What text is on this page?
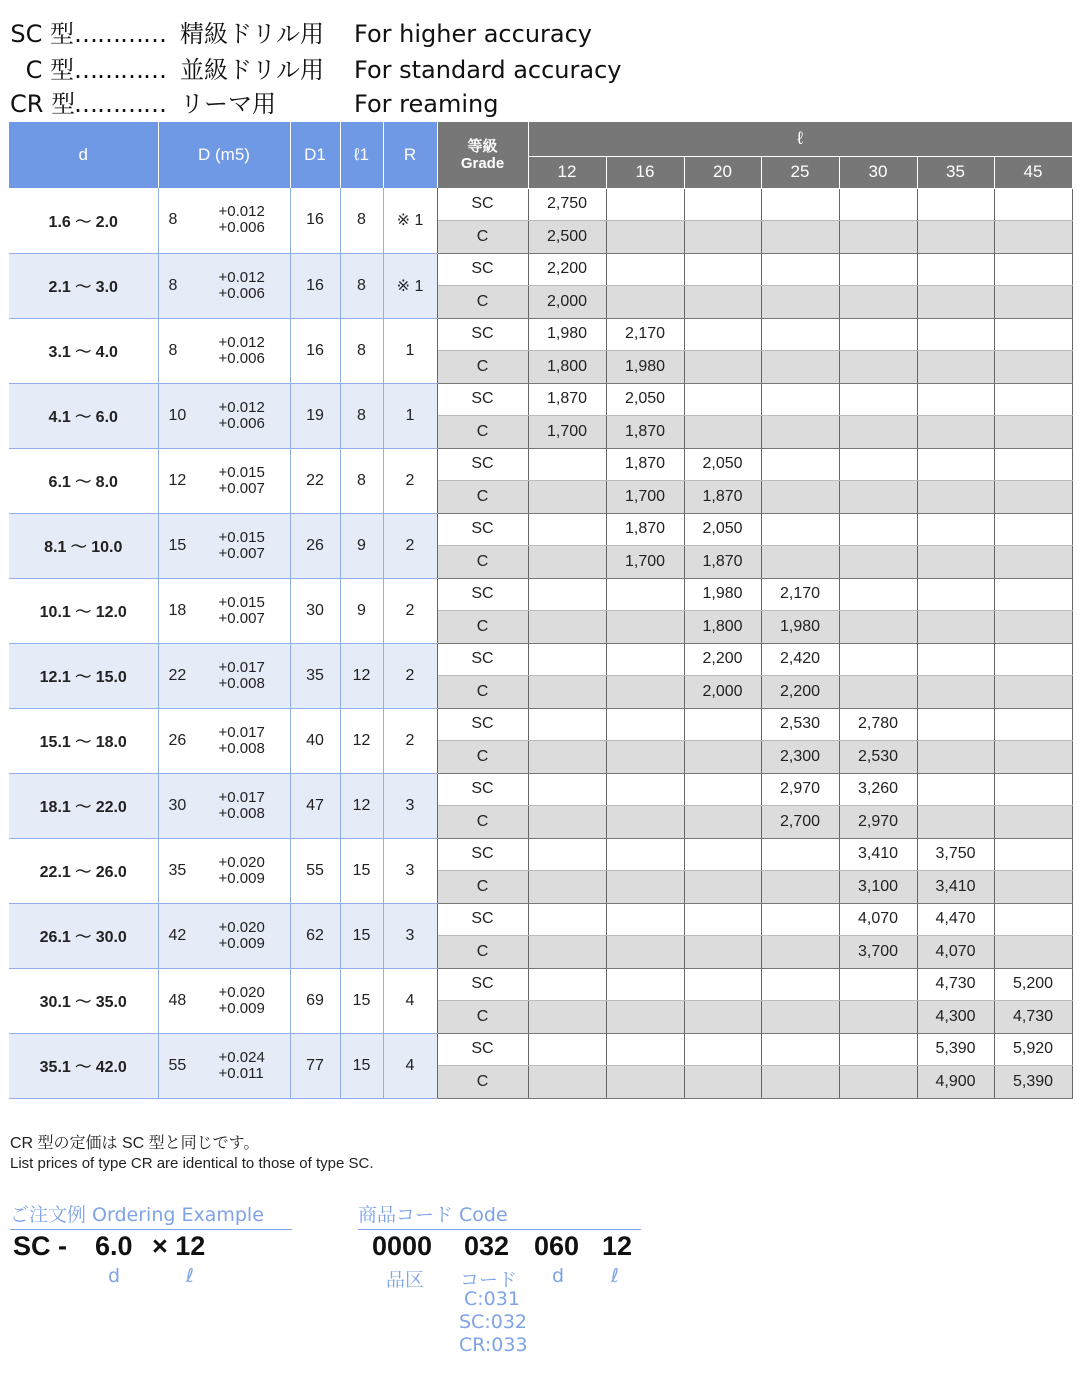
SC 型………… 精級ドリル用 For higher accuracy
C 型………… 並級ドリル用 For standard accuracy
CR 型………… リーマ用	For reaming
d	D (m5)	D1	ℓ1	R	等級
Grade	ℓ						
						12	16	20	25	30	35	45
1.6 ～ 2.0	8 +0.012
+0.006	16	8	※ 1	SC	2,750						
					C	2,500						
2.1 ～ 3.0	8 +0.012
+0.006	16	8	※ 1	SC	2,200						
					C	2,000						
3.1 ～ 4.0	8 +0.012
+0.006	16	8	1	SC	1,980	2,170					
					C	1,800	1,980					
4.1 ～ 6.0	10 +0.012
+0.006	19	8	1	SC	1,870	2,050					
					C	1,700	1,870					
6.1 ～ 8.0	12 +0.015
+0.007	22	8	2	SC		1,870	2,050				
					C		1,700	1,870				
8.1 ～ 10.0	15 +0.015
+0.007	26	9	2	SC		1,870	2,050				
					C		1,700	1,870				
10.1 ～ 12.0	18 +0.015
+0.007	30	9	2	SC			1,980	2,170			
					C			1,800	1,980			
12.1 ～ 15.0	22 +0.017
+0.008	35	12	2	SC			2,200	2,420			
					C			2,000	2,200			
15.1 ～ 18.0	26 +0.017
+0.008	40	12	2	SC				2,530	2,780		
					C				2,300	2,530		
18.1 ～ 22.0	30 +0.017
+0.008	47	12	3	SC				2,970	3,260		
					C				2,700	2,970		
22.1 ～ 26.0	35 +0.020
+0.009	55	15	3	SC					3,410	3,750	
					C					3,100	3,410	
26.1 ～ 30.0	42 +0.020
+0.009	62	15	3	SC					4,070	4,470	
					C					3,700	4,070	
30.1 ～ 35.0	48 +0.020
+0.009	69	15	4	SC						4,730	5,200
					C						4,300	4,730
35.1 ～ 42.0	55 +0.024
+0.011	77	15	4	SC						5,390	5,920
					C						4,900	5,390
CR 型の定価は SC 型と同じです。
List prices of type CR are identical to those of type SC.
ご注文例 Ordering Example
SC - 6.0 × 12
d	ℓ
商品コード Code
0000 032 060 12
品区 コード d ℓ
C:031
SC:032
CR:033
